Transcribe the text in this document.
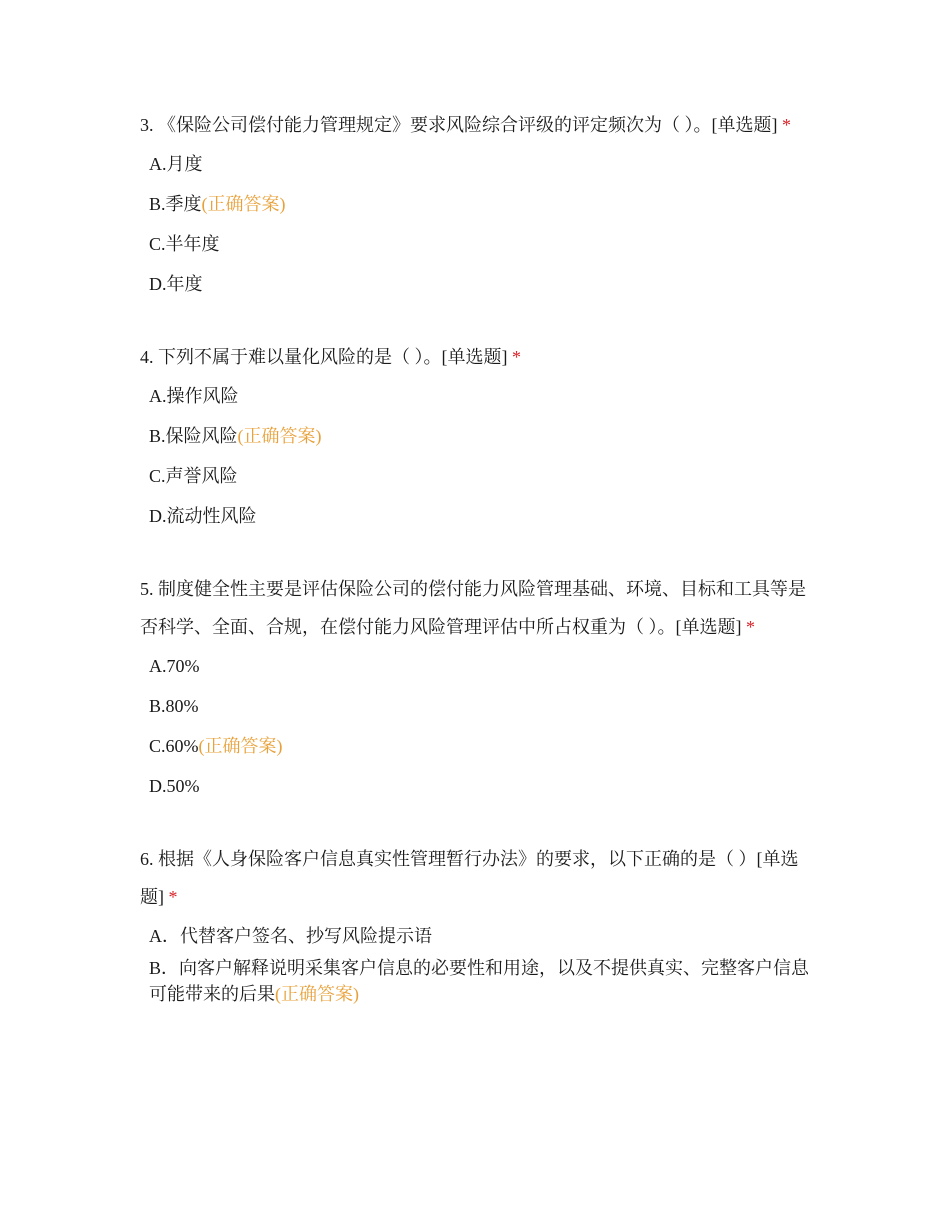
3. 《保险公司偿付能力管理规定》要求风险综合评级的评定频次为（ ）。[单选题] *
A.月度
B.季度(正确答案)
C.半年度
D.年度
4. 下列不属于难以量化风险的是（ ）。[单选题] *
A.操作风险
B.保险风险(正确答案)
C.声誉风险
D.流动性风险
5. 制度健全性主要是评估保险公司的偿付能力风险管理基础、环境、目标和工具等是否科学、全面、合规，在偿付能力风险管理评估中所占权重为（ ）。[单选题] *
A.70%
B.80%
C.60%(正确答案)
D.50%
6. 根据《人身保险客户信息真实性管理暂行办法》的要求，以下正确的是（ ）[单选题] *
A．代替客户签名、抄写风险提示语
B．向客户解释说明采集客户信息的必要性和用途，以及不提供真实、完整客户信息可能带来的后果(正确答案)
